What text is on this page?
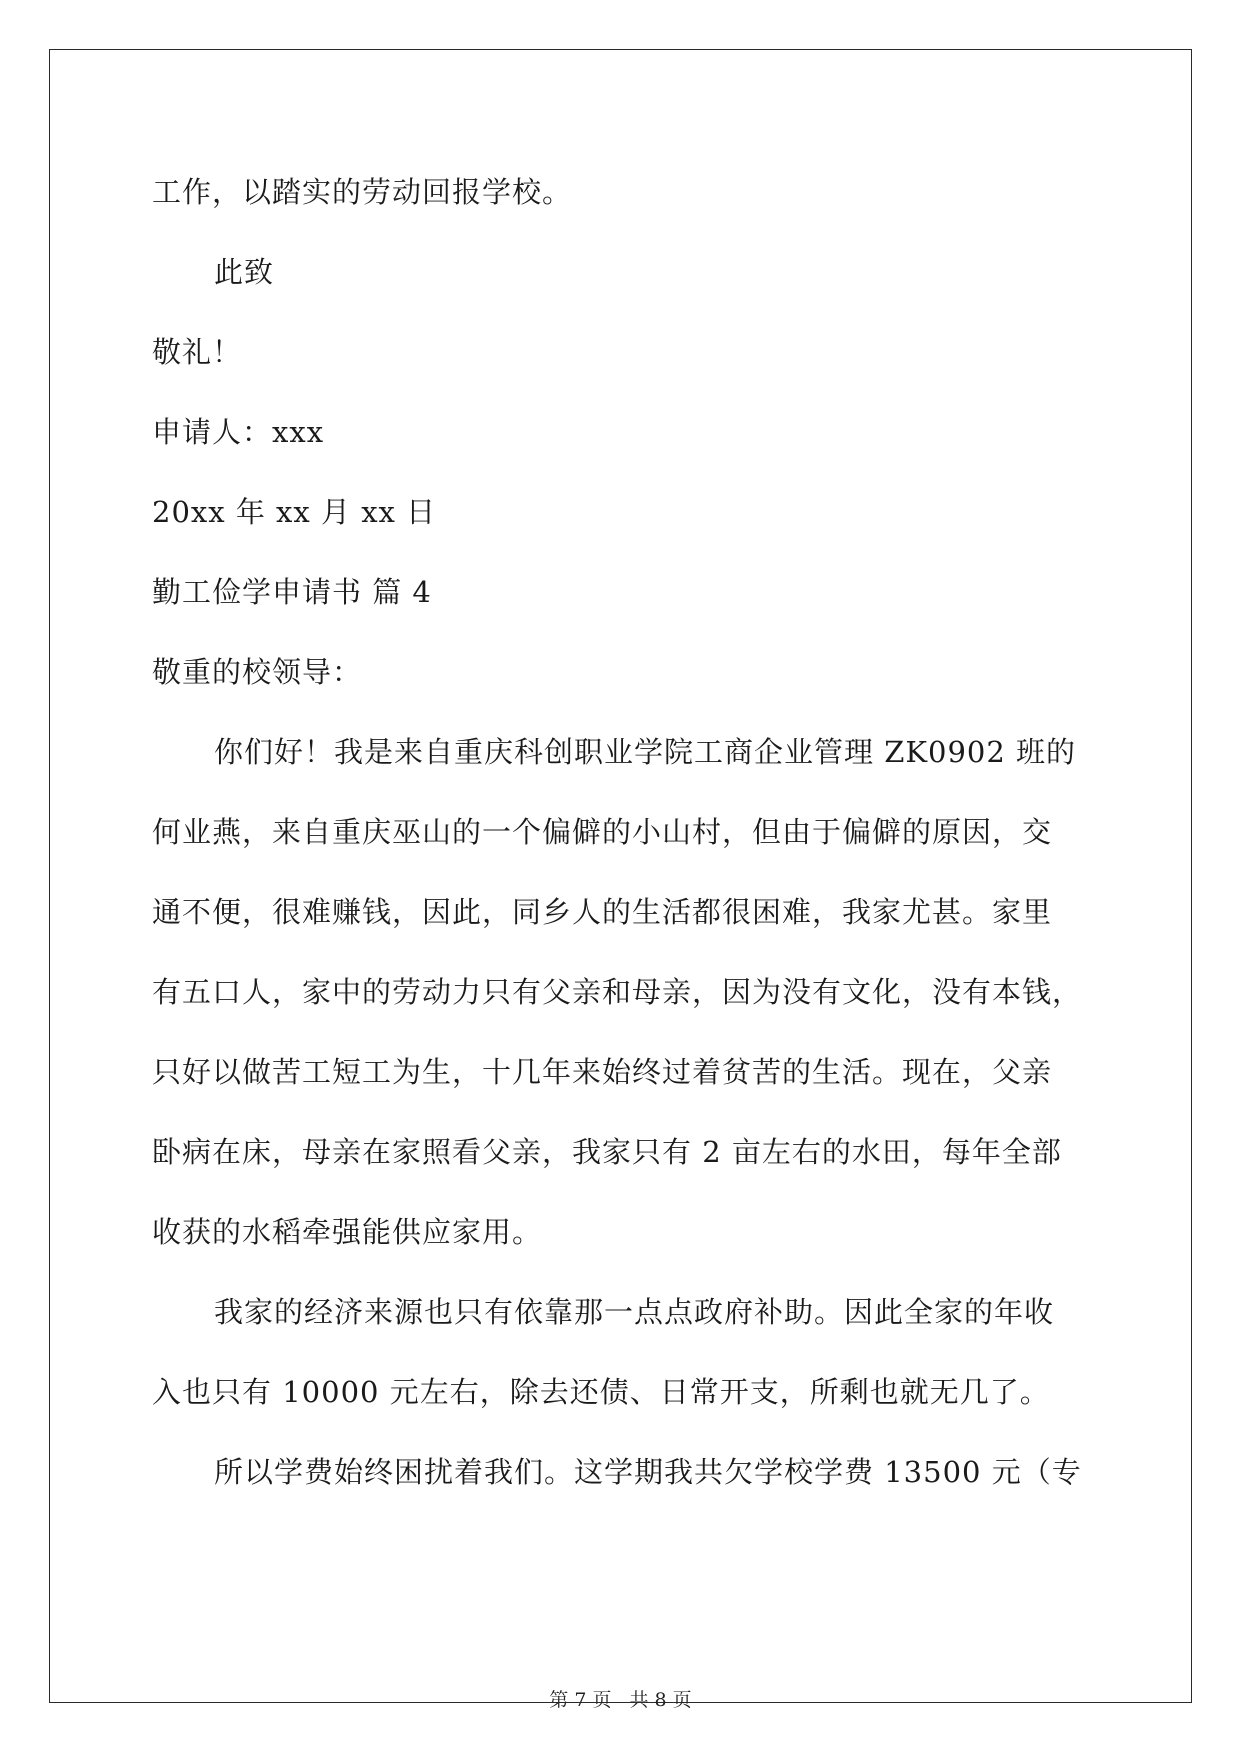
工作，以踏实的劳动回报学校。
此致
敬礼！
申请人：xxx
20xx 年 xx 月 xx 日
勤工俭学申请书 篇 4
敬重的校领导：
你们好！我是来自重庆科创职业学院工商企业管理 ZK0902 班的
何业燕，来自重庆巫山的一个偏僻的小山村，但由于偏僻的原因，交
通不便，很难赚钱，因此，同乡人的生活都很困难，我家尤甚。家里
有五口人，家中的劳动力只有父亲和母亲，因为没有文化，没有本钱，
只好以做苦工短工为生，十几年来始终过着贫苦的生活。现在，父亲
卧病在床，母亲在家照看父亲，我家只有 2 亩左右的水田，每年全部
收获的水稻牵强能供应家用。
我家的经济来源也只有依靠那一点点政府补助。因此全家的年收
入也只有 10000 元左右，除去还债、日常开支，所剩也就无几了。
所以学费始终困扰着我们。这学期我共欠学校学费 13500 元（专
第 7 页 共 8 页
